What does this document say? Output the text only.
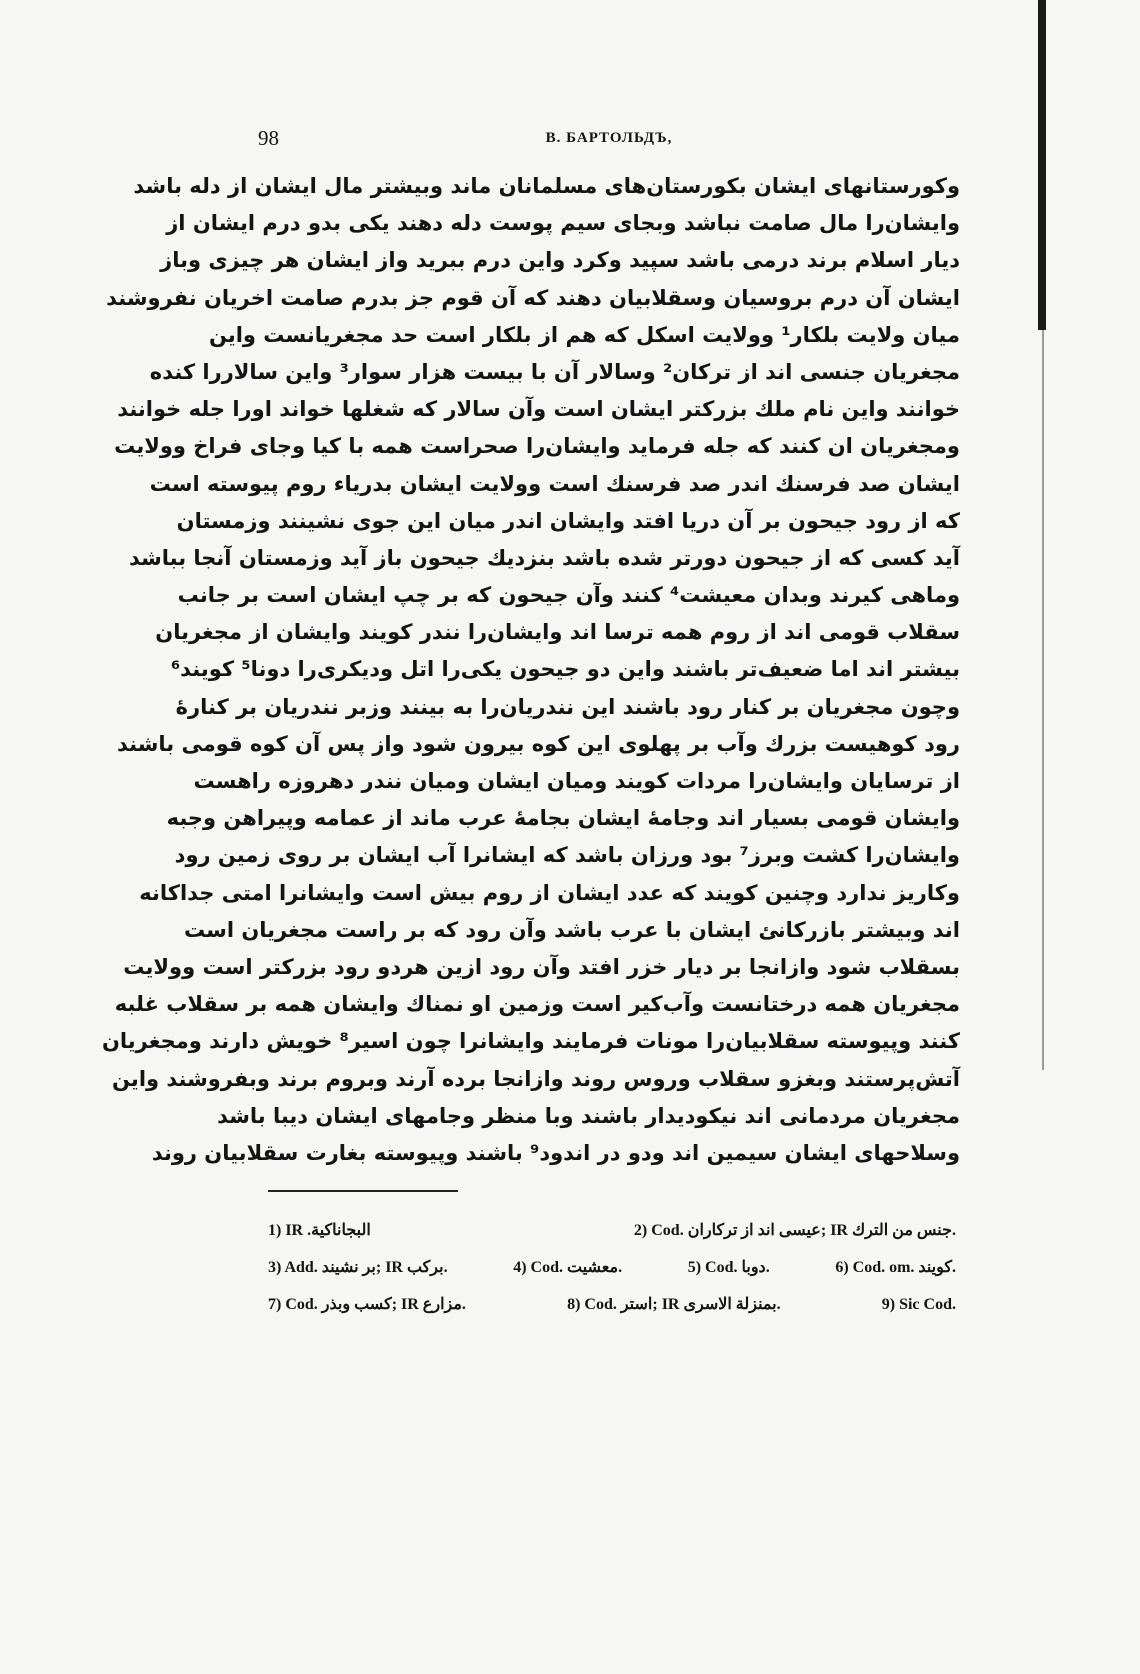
98	В. БАРТОЛЬДЪ,
وکورستانهای ایشان بکورستان‌های مسلمانان ماند وبیشتر مال ایشان از دله باشد
وایشان‌را مال صامت نباشد وبجای سیم پوست دله دهند یکی بدو درم ایشان از
دیار اسلام برند درمی باشد سپید وکرد واین درم ببرید واز ایشان هر چیزی وباز
ایشان آن درم بروسیان وسقلابیان دهند که آن قوم جز بدرم صامت اخریان نفروشند
میان ولایت بلکار¹ وولایت اسکل که هم از بلکار است حد مجغریانست واین
مجغریان جنسی اند از ترکان² وسالار آن با بیست هزار سوار³ واین سالاررا کنده
خوانند واین نام ملك بزرکتر ایشان است وآن سالار که شغلها خواند اورا جله خوانند
ومجغریان ان کنند که جله فرماید وایشان‌را صحراست همه با کیا وجای فراخ وولایت
ایشان صد فرسنك اندر صد فرسنك است وولایت ایشان بدریاء روم پیوسته است
که از رود جیحون بر آن دریا افتد وایشان اندر میان این جوی نشینند وزمستان
آید کسی که از جیحون دورتر شده باشد بنزدیك جیحون باز آید وزمستان آنجا بباشد
وماهی کیرند وبدان معیشت⁴ کنند وآن جیحون که بر چپ ایشان است بر جانب
سقلاب قومی اند از روم همه ترسا اند وایشان‌را نندر کویند وایشان از مجغریان
بیشتر اند اما ضعیف‌تر باشند واین دو جیحون یکی‌را اتل ودیکری‌را دونا⁵ کویند⁶
وچون مجغریان بر کنار رود باشند این نندریان‌را به بینند وزبر نندریان بر کنارهٔ
رود کوهیست بزرك وآب بر پهلوی این کوه بیرون شود واز پس آن کوه قومی باشند
از ترسایان وایشان‌را مردات کویند ومیان ایشان ومیان نندر دهروزه راهست
وایشان قومی بسیار اند وجامهٔ ایشان بجامهٔ عرب ماند از عمامه وپیراهن وجبه
وایشان‌را کشت وبرز⁷ بود ورزان باشد که ایشانرا آب ایشان بر روی زمین رود
وکاریز ندارد وچنین کویند که عدد ایشان از روم بیش است وایشانرا امتی جداکانه
اند وبیشتر بازرکانئ ایشان با عرب باشد وآن رود که بر راست مجغریان است
بسقلاب شود وازانجا بر دیار خزر افتد وآن رود ازین هردو رود بزرکتر است وولایت
مجغریان همه درختانست وآب‌کیر است وزمین او نمناك وایشان همه بر سقلاب غلبه
کنند وپیوسته سقلابیان‌را مونات فرمایند وایشانرا چون اسیر⁸ خویش دارند ومجغریان
آتش‌پرستند وبغزو سقلاب وروس روند وازانجا برده آرند وبروم برند وبفروشند واین
مجغریان مردمانی اند نیکودیدار باشند وبا منظر وجامهای ایشان دیبا باشد
وسلاحهای ایشان سیمین اند ودو در اندود⁹ باشند وپیوسته بغارت سقلابیان روند
1) IR ‎.البجاناكية	2) Cod. ‎عیسی اند از ترکاران; IR ‎جنس من الترك.
3) Add. ‎بر نشیند; IR ‎برکب.	4) Cod. ‎معشیت.	5) Cod. ‎دوبا.	6) Cod. om. ‎کویند.
7) Cod. ‎کسب وبذر; IR ‎مزارع.	8) Cod. ‎استر; IR ‎بمنزلة الاسری.	9) Sic Cod.
